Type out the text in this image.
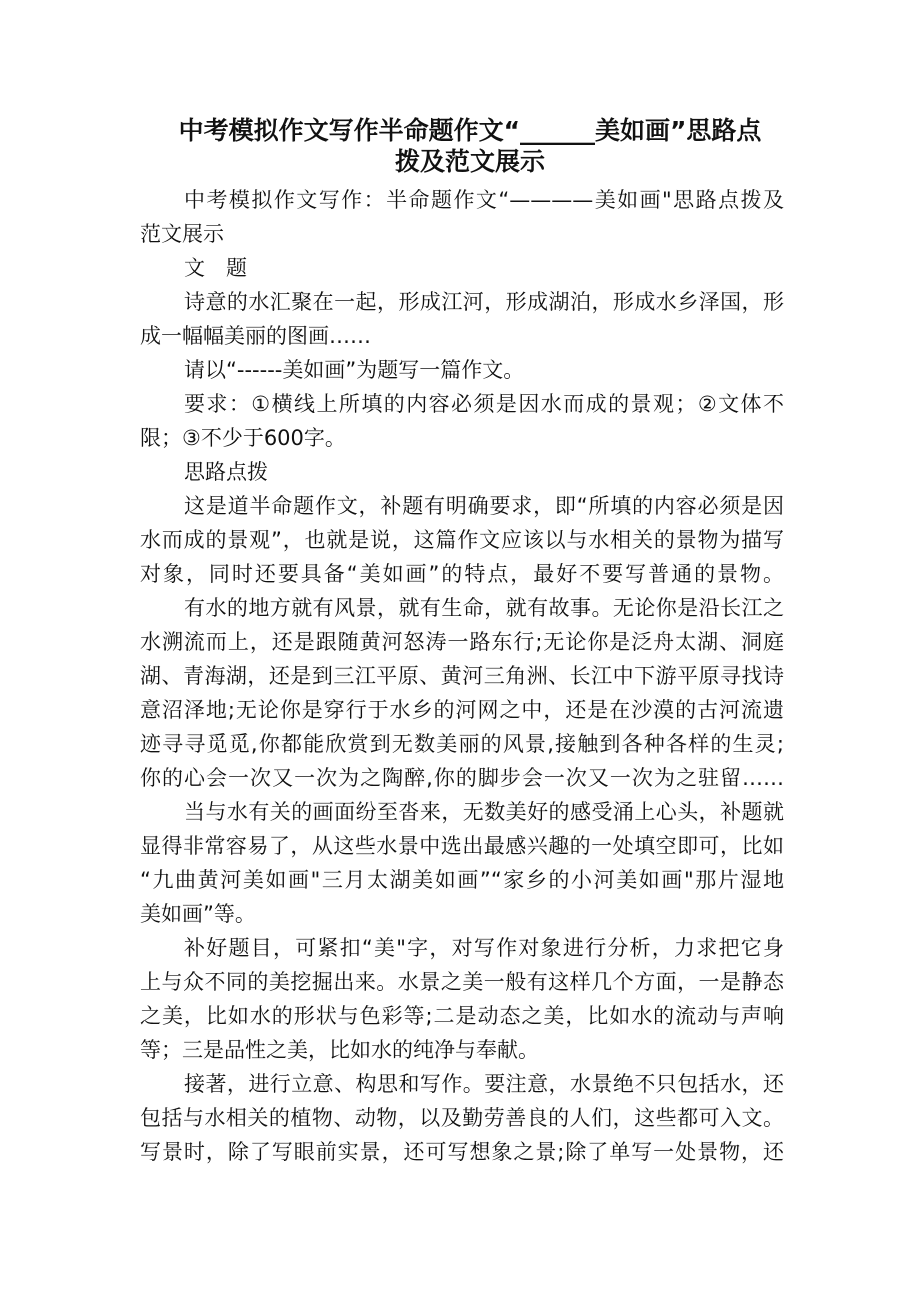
中考模拟作文写作半命题作文“______美如画”思路点
拨及范文展示
中考模拟作文写作：半命题作文“————美如画"思路点拨及
范文展示
文　题
诗意的水汇聚在一起，形成江河，形成湖泊，形成水乡泽国，形
成一幅幅美丽的图画……
请以“------美如画”为题写一篇作文。
要求：①横线上所填的内容必须是因水而成的景观；②文体不
限；③不少于600字。
思路点拨
这是道半命题作文，补题有明确要求，即“所填的内容必须是因
水而成的景观”，也就是说，这篇作文应该以与水相关的景物为描写
对象，同时还要具备“美如画”的特点，最好不要写普通的景物。
有水的地方就有风景，就有生命，就有故事。无论你是沿长江之
水溯流而上，还是跟随黄河怒涛一路东行;无论你是泛舟太湖、洞庭
湖、青海湖，还是到三江平原、黄河三角洲、长江中下游平原寻找诗
意沼泽地;无论你是穿行于水乡的河网之中，还是在沙漠的古河流遗
迹寻寻觅觅,你都能欣赏到无数美丽的风景,接触到各种各样的生灵;
你的心会一次又一次为之陶醉,你的脚步会一次又一次为之驻留……
当与水有关的画面纷至沓来，无数美好的感受涌上心头，补题就
显得非常容易了，从这些水景中选出最感兴趣的一处填空即可，比如
“九曲黄河美如画"三月太湖美如画”“家乡的小河美如画"那片湿地
美如画”等。
补好题目，可紧扣“美"字，对写作对象进行分析，力求把它身
上与众不同的美挖掘出来。水景之美一般有这样几个方面，一是静态
之美，比如水的形状与色彩等;二是动态之美，比如水的流动与声响
等；三是品性之美，比如水的纯净与奉献。
接著，进行立意、构思和写作。要注意，水景绝不只包括水，还
包括与水相关的植物、动物，以及勤劳善良的人们，这些都可入文。
写景时，除了写眼前实景，还可写想象之景;除了单写一处景物，还
